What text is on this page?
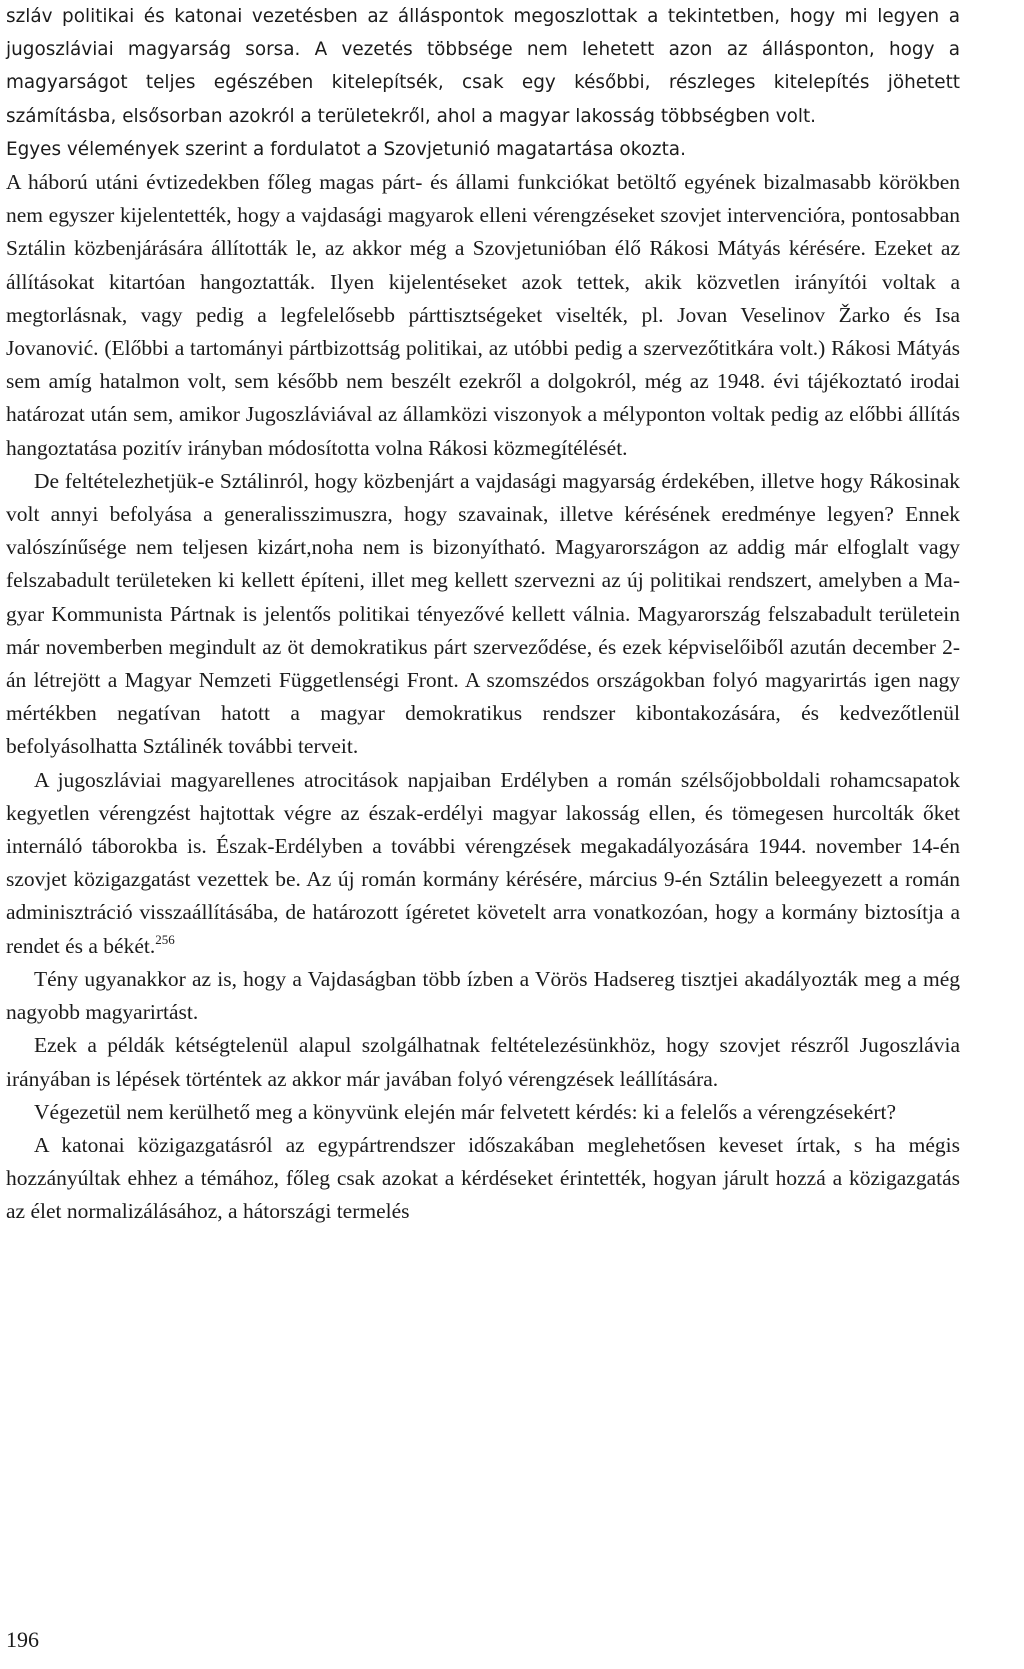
szláv politikai és katonai vezetésben az álláspontok megoszlottak a tekintetben, hogy mi legyen a jugoszláviai magyarság sorsa. A vezetés többsége nem lehetett azon az állásponton, hogy a magyarságot teljes egészében kitelepítsék, csak egy későbbi, részleges kitelepítés jöhetett számításba, elsősorban azokról a területekről, ahol a magyar lakosság többségben volt.

Egyes vélemények szerint a fordulatot a Szovjetunió magatartása okozta.

A háború utáni évtizedekben főleg magas párt- és állami funkciókat betöltő egyének bizalmasabb körökben nem egyszer kijelentették, hogy a vajdasági magyarok elleni vérengzéseket szovjet intervencióra, pontosabban Sztálin közbenjárására állították le, az akkor még a Szovjetunióban élő Rákosi Mátyás kérésére. Ezeket az állításokat kitartóan hangoztatták. Ilyen kijelentéseket azok tettek, akik közvetlen irányítói voltak a megtorlásnak, vagy pedig a legfelelősebb párttisztségeket viselték, pl. Jovan Veselinov Žarko és Isa Jovanović. (Előbbi a tartományi pártbizottság politikai, az utóbbi pedig a szervezőtitkára volt.) Rákosi Mátyás sem amíg hatalmon volt, sem később nem beszélt ezekről a dolgokról, még az 1948. évi tájékoztató irodai határozat után sem, amikor Jugoszláviával az államközi viszonyok a mélyponton voltak pedig az előbbi állítás hangoztatása pozitív irányban módosította volna Rákosi közmegítélését.

De feltételezhetjük-e Sztálinról, hogy közbenjárt a vajdasági magyarság érdekében, illetve hogy Rákosinak volt annyi befolyása a generalisszimuszra, hogy szavainak, illetve kérésének eredménye legyen? Ennek valószínűsége nem teljesen kizárt,noha nem is bizonyítható. Magyarországon az addig már elfoglalt vagy felszabadult területeken ki kellett építeni, illet meg kellett szervezni az új politikai rendszert, amelyben a Magyar Kommunista Pártnak is jelentős politikai tényezővé kellett válnia. Magyarország felszabadult területein már novemberben megindult az öt demokratikus párt szerveződése, és ezek képviselőiből azután december 2-án létrejött a Magyar Nemzeti Függetlenségi Front. A szomszédos országokban folyó magyarirtás igen nagy mértékben negatívan hatott a magyar demokratikus rendszer kibontakozására, és kedvezőtlenül befolyásolhatta Sztálinék további terveit.

A jugoszláviai magyarellenes atrocitások napjaiban Erdélyben a román szélsőjobboldali rohamcsapatok kegyetlen vérengzést hajtottak végre az észak-erdélyi magyar lakosság ellen, és tömegesen hurcolták őket internáló táborokba is. Észak-Erdélyben a további vérengzések megakadályozására 1944. november 14-én szovjet közigazgatást vezettek be. Az új román kormány kérésére, március 9-én Sztálin beleegyezett a román adminisztráció visszaállításába, de határozott ígéretet követelt arra vonatkozóan, hogy a kormány biztosítja a rendet és a békét.$^{256}$

Tény ugyanakkor az is, hogy a Vajdaságban több ízben a Vörös Hadsereg tisztjei akadályozták meg a még nagyobb magyarirtást.

Ezek a példák kétségtelenül alapul szolgálhatnak feltételezésünkhöz, hogy szovjet részről Jugoszlávia irányában is lépések történtek az akkor már javában folyó vérengzések leállítására.

Végezetül nem kerülhető meg a könyvünk elején már felvetett kérdés: ki a felelős a vérengzésekért?

A katonai közigazgatásról az egypártrendszer időszakában meglehetősen keveset írtak, s ha mégis hozzányúltak ehhez a témához, főleg csak azokat a kérdéseket érintették, hogyan járult hozzá a közigazgatás az élet normalizálásához, a hátországi termelés

196
